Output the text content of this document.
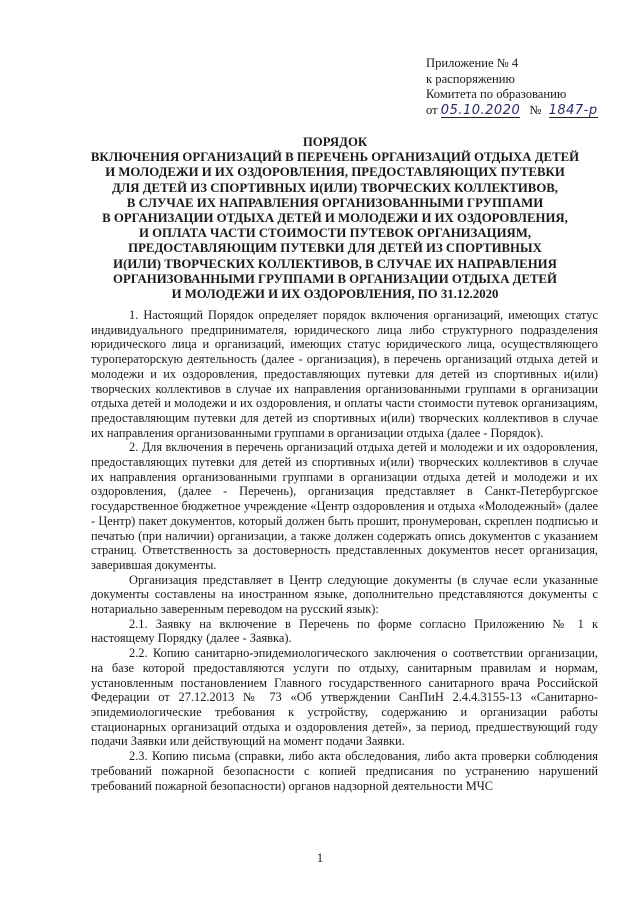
Приложение № 4
к распоряжению
Комитета по образованию
от 05.10.2020 № 1847-р
ПОРЯДОК
ВКЛЮЧЕНИЯ ОРГАНИЗАЦИЙ В ПЕРЕЧЕНЬ ОРГАНИЗАЦИЙ ОТДЫХА ДЕТЕЙ
И МОЛОДЕЖИ И ИХ ОЗДОРОВЛЕНИЯ, ПРЕДОСТАВЛЯЮЩИХ ПУТЕВКИ
ДЛЯ ДЕТЕЙ ИЗ СПОРТИВНЫХ И(ИЛИ) ТВОРЧЕСКИХ КОЛЛЕКТИВОВ,
В СЛУЧАЕ ИХ НАПРАВЛЕНИЯ ОРГАНИЗОВАННЫМИ ГРУППАМИ
В ОРГАНИЗАЦИИ ОТДЫХА ДЕТЕЙ И МОЛОДЕЖИ И ИХ ОЗДОРОВЛЕНИЯ,
И ОПЛАТА ЧАСТИ СТОИМОСТИ ПУТЕВОК ОРГАНИЗАЦИЯМ,
ПРЕДОСТАВЛЯЮЩИМ ПУТЕВКИ ДЛЯ ДЕТЕЙ ИЗ СПОРТИВНЫХ
И(ИЛИ) ТВОРЧЕСКИХ КОЛЛЕКТИВОВ, В СЛУЧАЕ ИХ НАПРАВЛЕНИЯ
ОРГАНИЗОВАННЫМИ ГРУППАМИ В ОРГАНИЗАЦИИ ОТДЫХА ДЕТЕЙ
И МОЛОДЕЖИ И ИХ ОЗДОРОВЛЕНИЯ, ПО 31.12.2020

1. Настоящий Порядок определяет порядок включения организаций, имеющих статус индивидуального предпринимателя, юридического лица либо структурного подразделения юридического лица и организаций, имеющих статус юридического лица, осуществляющего туроператорскую деятельность (далее - организация), в перечень организаций отдыха детей и молодежи и их оздоровления, предоставляющих путевки для детей из спортивных и(или) творческих коллективов в случае их направления организованными группами в организации отдыха детей и молодежи и их оздоровления, и оплаты части стоимости путевок организациям, предоставляющим путевки для детей из спортивных и(или) творческих коллективов в случае их направления организованными группами в организации отдыха (далее - Порядок).

2. Для включения в перечень организаций отдыха детей и молодежи и их оздоровления, предоставляющих путевки для детей из спортивных и(или) творческих коллективов в случае их направления организованными группами в организации отдыха детей и молодежи и их оздоровления, (далее - Перечень), организация представляет в Санкт-Петербургское государственное бюджетное учреждение «Центр оздоровления и отдыха «Молодежный» (далее - Центр) пакет документов, который должен быть прошит, пронумерован, скреплен подписью и печатью (при наличии) организации, а также должен содержать опись документов с указанием страниц. Ответственность за достоверность представленных документов несет организация, заверившая документы.

Организация представляет в Центр следующие документы (в случае если указанные документы составлены на иностранном языке, дополнительно представляются документы с нотариально заверенным переводом на русский язык):

2.1. Заявку на включение в Перечень по форме согласно Приложению № 1 к настоящему Порядку (далее - Заявка).

2.2. Копию санитарно-эпидемиологического заключения о соответствии организации, на базе которой предоставляются услуги по отдыху, санитарным правилам и нормам, установленным постановлением Главного государственного санитарного врача Российской Федерации от 27.12.2013 № 73 «Об утверждении СанПиН 2.4.4.3155-13 «Санитарно-эпидемиологические требования к устройству, содержанию и организации работы стационарных организаций отдыха и оздоровления детей», за период, предшествующий году подачи Заявки или действующий на момент подачи Заявки.

2.3. Копию письма (справки, либо акта обследования, либо акта проверки соблюдения требований пожарной безопасности с копией предписания по устранению нарушений требований пожарной безопасности) органов надзорной деятельности МЧС

1
